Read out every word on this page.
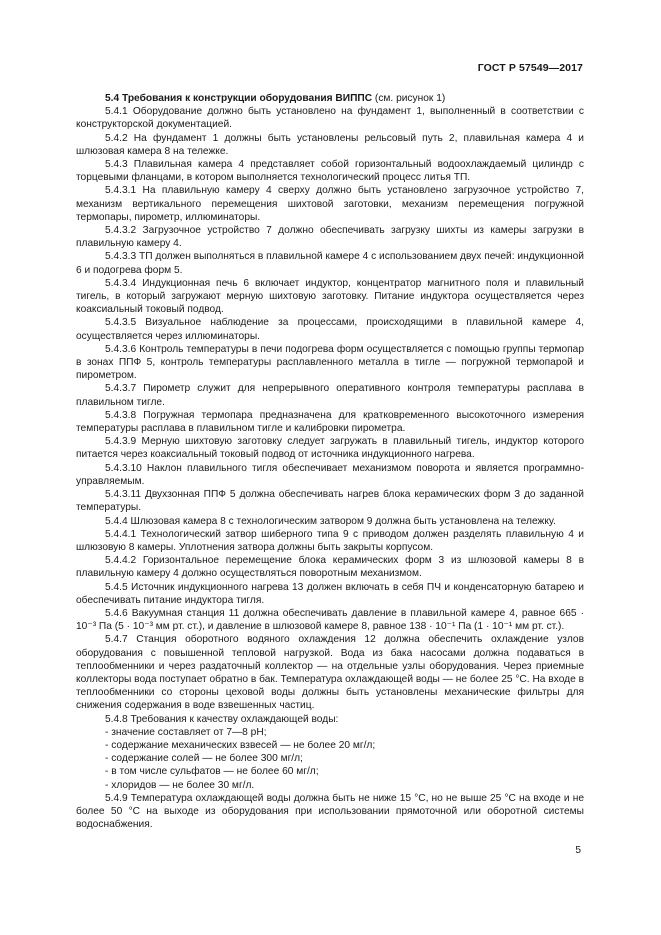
ГОСТ Р 57549—2017

5.4 Требования к конструкции оборудования ВИППС (см. рисунок 1)

5.4.1 Оборудование должно быть установлено на фундамент 1, выполненный в соответствии с конструкторской документацией.

5.4.2 На фундамент 1 должны быть установлены рельсовый путь 2, плавильная камера 4 и шлюзовая камера 8 на тележке.

5.4.3 Плавильная камера 4 представляет собой горизонтальный водоохлаждаемый цилиндр с торцевыми фланцами, в котором выполняется технологический процесс литья ТП.

5.4.3.1 На плавильную камеру 4 сверху должно быть установлено загрузочное устройство 7, механизм вертикального перемещения шихтовой заготовки, механизм перемещения погружной термопары, пирометр, иллюминаторы.

5.4.3.2 Загрузочное устройство 7 должно обеспечивать загрузку шихты из камеры загрузки в плавильную камеру 4.

5.4.3.3 ТП должен выполняться в плавильной камере 4 с использованием двух печей: индукционной 6 и подогрева форм 5.

5.4.3.4 Индукционная печь 6 включает индуктор, концентратор магнитного поля и плавильный тигель, в который загружают мерную шихтовую заготовку. Питание индуктора осуществляется через коаксиальный токовый подвод.

5.4.3.5 Визуальное наблюдение за процессами, происходящими в плавильной камере 4, осуществляется через иллюминаторы.

5.4.3.6 Контроль температуры в печи подогрева форм осуществляется с помощью группы термопар в зонах ППФ 5, контроль температуры расплавленного металла в тигле — погружной термопарой и пирометром.

5.4.3.7 Пирометр служит для непрерывного оперативного контроля температуры расплава в плавильном тигле.

5.4.3.8 Погружная термопара предназначена для кратковременного высокоточного измерения температуры расплава в плавильном тигле и калибровки пирометра.

5.4.3.9 Мерную шихтовую заготовку следует загружать в плавильный тигель, индуктор которого питается через коаксиальный токовый подвод от источника индукционного нагрева.

5.4.3.10 Наклон плавильного тигля обеспечивает механизмом поворота и является программно-управляемым.

5.4.3.11 Двухзонная ППФ 5 должна обеспечивать нагрев блока керамических форм 3 до заданной температуры.

5.4.4 Шлюзовая камера 8 с технологическим затвором 9 должна быть установлена на тележку.

5.4.4.1 Технологический затвор шиберного типа 9 с приводом должен разделять плавильную 4 и шлюзовую 8 камеры. Уплотнения затвора должны быть закрыты корпусом.

5.4.4.2 Горизонтальное перемещение блока керамических форм 3 из шлюзовой камеры 8 в плавильную камеру 4 должно осуществляться поворотным механизмом.

5.4.5 Источник индукционного нагрева 13 должен включать в себя ПЧ и конденсаторную батарею и обеспечивать питание индуктора тигля.

5.4.6 Вакуумная станция 11 должна обеспечивать давление в плавильной камере 4, равное 665 · 10⁻³ Па (5 · 10⁻³ мм рт. ст.), и давление в шлюзовой камере 8, равное 138 · 10⁻¹ Па (1 · 10⁻¹ мм рт. ст.).

5.4.7 Станция оборотного водяного охлаждения 12 должна обеспечить охлаждение узлов оборудования с повышенной тепловой нагрузкой. Вода из бака насосами должна подаваться в теплообменники и через раздаточный коллектор — на отдельные узлы оборудования. Через приемные коллекторы вода поступает обратно в бак. Температура охлаждающей воды — не более 25 °С. На входе в теплообменники со стороны цеховой воды должны быть установлены механические фильтры для снижения содержания в воде взвешенных частиц.

5.4.8 Требования к качеству охлаждающей воды:

- значение составляет от 7—8 pH;

- содержание механических взвесей — не более 20 мг/л;

- содержание солей — не более 300 мг/л;

- в том числе сульфатов — не более 60 мг/л;

- хлоридов — не более 30 мг/л.

5.4.9 Температура охлаждающей воды должна быть не ниже 15 °С, но не выше 25 °С на входе и не более 50 °С на выходе из оборудования при использовании прямоточной или оборотной системы водоснабжения.

5
